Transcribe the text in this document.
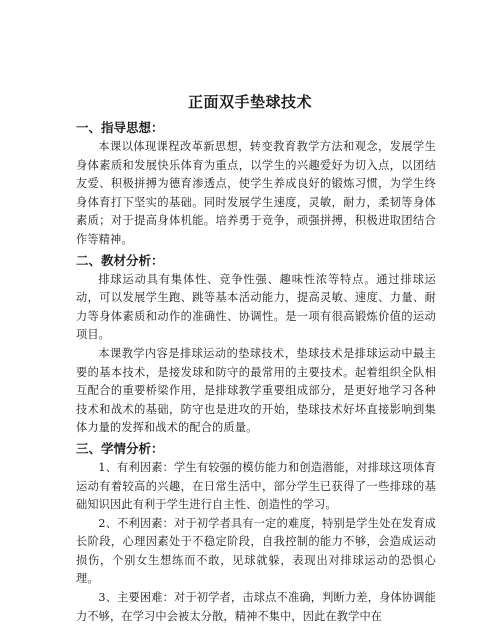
正面双手垫球技术
一、指导思想：

本课以体现课程改革新思想，转变教育教学方法和观念，发展学生身体素质和发展快乐体育为重点，以学生的兴趣爱好为切入点，以团结友爱、积极拼搏为德育渗透点，使学生养成良好的锻炼习惯，为学生终身体育打下坚实的基础。同时发展学生速度，灵敏，耐力，柔韧等身体素质；对于提高身体机能。培养勇于竞争，顽强拼搏，积极进取团结合作等精神。

二、教材分析：

排球运动具有集体性、竞争性强、趣味性浓等特点。通过排球运动，可以发展学生跑、跳等基本活动能力，提高灵敏、速度、力量、耐力等身体素质和动作的准确性、协调性。是一项有很高锻炼价值的运动项目。

本课教学内容是排球运动的垫球技术，垫球技术是排球运动中最主要的基本技术，是接发球和防守的最常用的主要技术。起着组织全队相互配合的重要桥梁作用，是排球教学重要组成部分，是更好地学习各种技术和战术的基础，防守也是进攻的开始，垫球技术好坏直接影响到集体力量的发挥和战术的配合的质量。

三、学情分析：

1、有利因素：学生有较强的模仿能力和创造潜能，对排球这项体育运动有着较高的兴趣，在日常生活中，部分学生已获得了一些排球的基础知识因此有利于学生进行自主性、创造性的学习。

2、不利因素：对于初学者具有一定的难度，特别是学生处在发育成长阶段，心理因素处于不稳定阶段，自我控制的能力不够，会造成运动损伤，个别女生想练而不敢，见球就躲，表现出对排球运动的恐惧心理。

3、主要困难：对于初学者，击球点不准确，判断力差，身体协调能力不够，在学习中会被太分散，精神不集中，因此在教学中在
